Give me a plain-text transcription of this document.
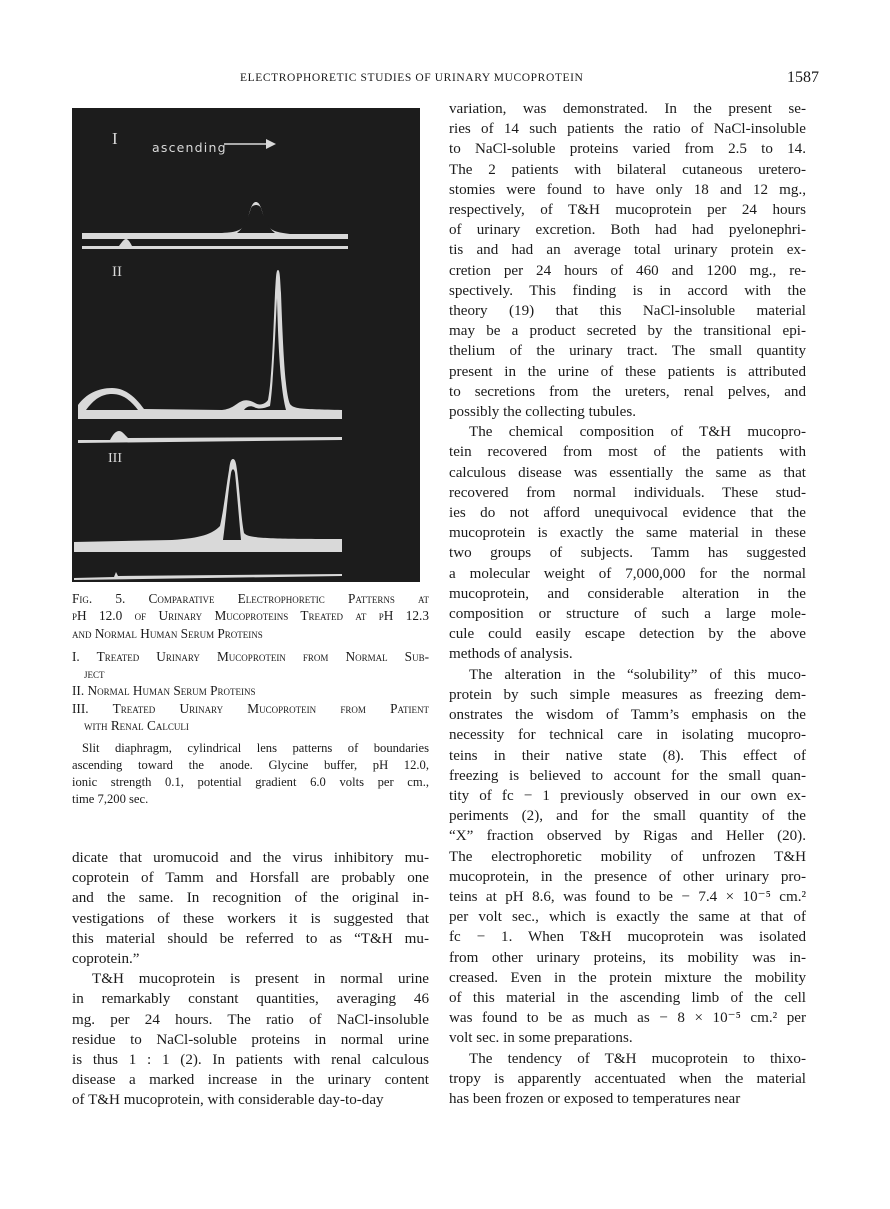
ELECTROPHORETIC STUDIES OF URINARY MUCOPROTEIN	1587
I
II
III
ascending
Fig. 5. Comparative Electrophoretic Patterns at
pH 12.0 of Urinary Mucoproteins Treated at pH 12.3
and Normal Human Serum Proteins
I. Treated Urinary Mucoprotein from Normal Sub-
ject
II. Normal Human Serum Proteins
III. Treated Urinary Mucoprotein from Patient
with Renal Calculi
Slit diaphragm, cylindrical lens patterns of boundaries
ascending toward the anode. Glycine buffer, pH 12.0,
ionic strength 0.1, potential gradient 6.0 volts per cm.,
time 7,200 sec.

dicate that uromucoid and the virus inhibitory mu-
coprotein of Tamm and Horsfall are probably one
and the same. In recognition of the original in-
vestigations of these workers it is suggested that
this material should be referred to as “T&H mu-
coprotein.”

T&H mucoprotein is present in normal urine
in remarkably constant quantities, averaging 46
mg. per 24 hours. The ratio of NaCl-insoluble
residue to NaCl-soluble proteins in normal urine
is thus 1 : 1 (2). In patients with renal calculous
disease a marked increase in the urinary content
of T&H mucoprotein, with considerable day-to-day

variation, was demonstrated. In the present se-
ries of 14 such patients the ratio of NaCl-insoluble
to NaCl-soluble proteins varied from 2.5 to 14.
The 2 patients with bilateral cutaneous uretero-
stomies were found to have only 18 and 12 mg.,
respectively, of T&H mucoprotein per 24 hours
of urinary excretion. Both had had pyelonephri-
tis and had an average total urinary protein ex-
cretion per 24 hours of 460 and 1200 mg., re-
spectively. This finding is in accord with the
theory (19) that this NaCl-insoluble material
may be a product secreted by the transitional epi-
thelium of the urinary tract. The small quantity
present in the urine of these patients is attributed
to secretions from the ureters, renal pelves, and
possibly the collecting tubules.

The chemical composition of T&H mucopro-
tein recovered from most of the patients with
calculous disease was essentially the same as that
recovered from normal individuals. These stud-
ies do not afford unequivocal evidence that the
mucoprotein is exactly the same material in these
two groups of subjects. Tamm has suggested
a molecular weight of 7,000,000 for the normal
mucoprotein, and considerable alteration in the
composition or structure of such a large mole-
cule could easily escape detection by the above
methods of analysis.

The alteration in the “solubility” of this muco-
protein by such simple measures as freezing dem-
onstrates the wisdom of Tamm’s emphasis on the
necessity for technical care in isolating mucopro-
teins in their native state (8). This effect of
freezing is believed to account for the small quan-
tity of fc − 1 previously observed in our own ex-
periments (2), and for the small quantity of the
“X” fraction observed by Rigas and Heller (20).
The electrophoretic mobility of unfrozen T&H
mucoprotein, in the presence of other urinary pro-
teins at pH 8.6, was found to be − 7.4 × 10⁻⁵ cm.²
per volt sec., which is exactly the same at that of
fc − 1. When T&H mucoprotein was isolated
from other urinary proteins, its mobility was in-
creased. Even in the protein mixture the mobility
of this material in the ascending limb of the cell
was found to be as much as − 8 × 10⁻⁵ cm.² per
volt sec. in some preparations.

The tendency of T&H mucoprotein to thixo-
tropy is apparently accentuated when the material
has been frozen or exposed to temperatures near
